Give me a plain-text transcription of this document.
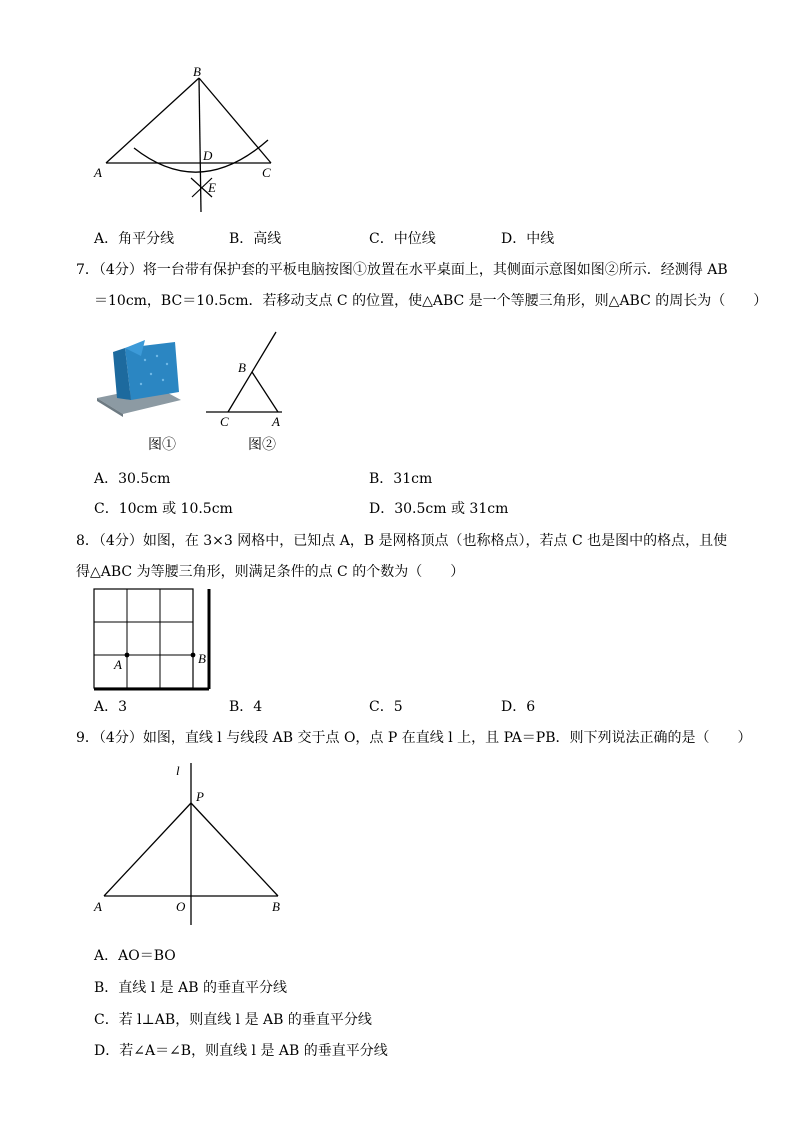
B
D
A	C
E
A．角平分线	B．高线	C．中位线	D．中线
7．（4分）将一台带有保护套的平板电脑按图①放置在水平桌面上，其侧面示意图如图②所示．经测得 AB
＝10cm，BC＝10.5cm．若移动支点 C 的位置，使△ABC 是一个等腰三角形，则△ABC 的周长为（　　）
图①
B
C	A
图②
A．30.5cm	B．31cm
C．10cm 或 10.5cm	D．30.5cm 或 31cm
8．（4分）如图，在 3×3 网格中，已知点 A，B 是网格顶点（也称格点），若点 C 也是图中的格点，且使
得△ABC 为等腰三角形，则满足条件的点 C 的个数为（　　）
A	B
A．3	B．4	C．5	D．6
9．（4分）如图，直线 l 与线段 AB 交于点 O，点 P 在直线 l 上，且 PA＝PB．则下列说法正确的是（　　）
l
P
A	O	B
A．AO＝BO
B．直线 l 是 AB 的垂直平分线
C．若 l⊥AB，则直线 l 是 AB 的垂直平分线
D．若∠A＝∠B，则直线 l 是 AB 的垂直平分线
